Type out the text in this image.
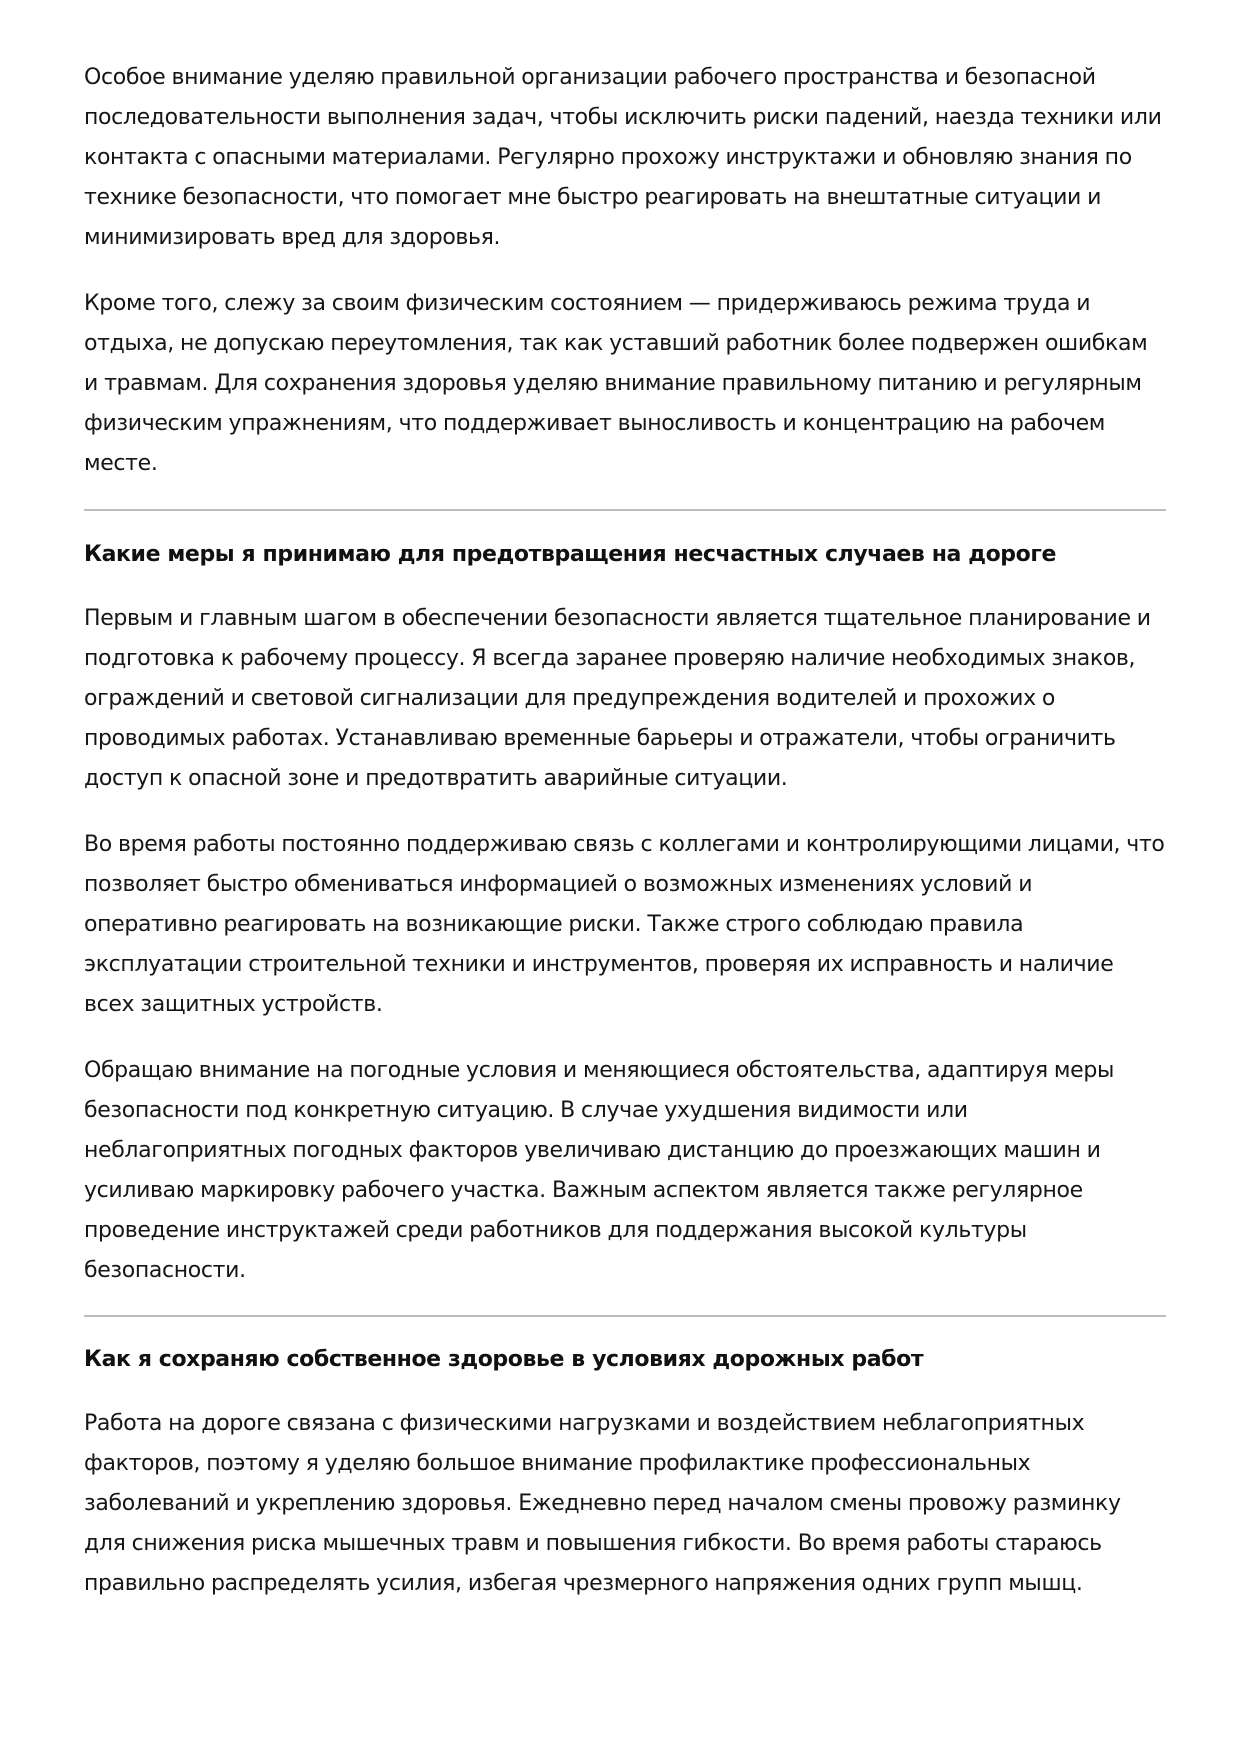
Особое внимание уделяю правильной организации рабочего пространства и безопасной последовательности выполнения задач, чтобы исключить риски падений, наезда техники или контакта с опасными материалами. Регулярно прохожу инструктажи и обновляю знания по технике безопасности, что помогает мне быстро реагировать на внештатные ситуации и минимизировать вред для здоровья.

Кроме того, слежу за своим физическим состоянием — придерживаюсь режима труда и отдыха, не допускаю переутомления, так как уставший работник более подвержен ошибкам и травмам. Для сохранения здоровья уделяю внимание правильному питанию и регулярным физическим упражнениям, что поддерживает выносливость и концентрацию на рабочем месте.

Какие меры я принимаю для предотвращения несчастных случаев на дороге

Первым и главным шагом в обеспечении безопасности является тщательное планирование и подготовка к рабочему процессу. Я всегда заранее проверяю наличие необходимых знаков, ограждений и световой сигнализации для предупреждения водителей и прохожих о проводимых работах. Устанавливаю временные барьеры и отражатели, чтобы ограничить доступ к опасной зоне и предотвратить аварийные ситуации.

Во время работы постоянно поддерживаю связь с коллегами и контролирующими лицами, что позволяет быстро обмениваться информацией о возможных изменениях условий и оперативно реагировать на возникающие риски. Также строго соблюдаю правила эксплуатации строительной техники и инструментов, проверяя их исправность и наличие всех защитных устройств.

Обращаю внимание на погодные условия и меняющиеся обстоятельства, адаптируя меры безопасности под конкретную ситуацию. В случае ухудшения видимости или неблагоприятных погодных факторов увеличиваю дистанцию до проезжающих машин и усиливаю маркировку рабочего участка. Важным аспектом является также регулярное проведение инструктажей среди работников для поддержания высокой культуры безопасности.

Как я сохраняю собственное здоровье в условиях дорожных работ

Работа на дороге связана с физическими нагрузками и воздействием неблагоприятных факторов, поэтому я уделяю большое внимание профилактике профессиональных заболеваний и укреплению здоровья. Ежедневно перед началом смены провожу разминку для снижения риска мышечных травм и повышения гибкости. Во время работы стараюсь правильно распределять усилия, избегая чрезмерного напряжения одних групп мышц.
